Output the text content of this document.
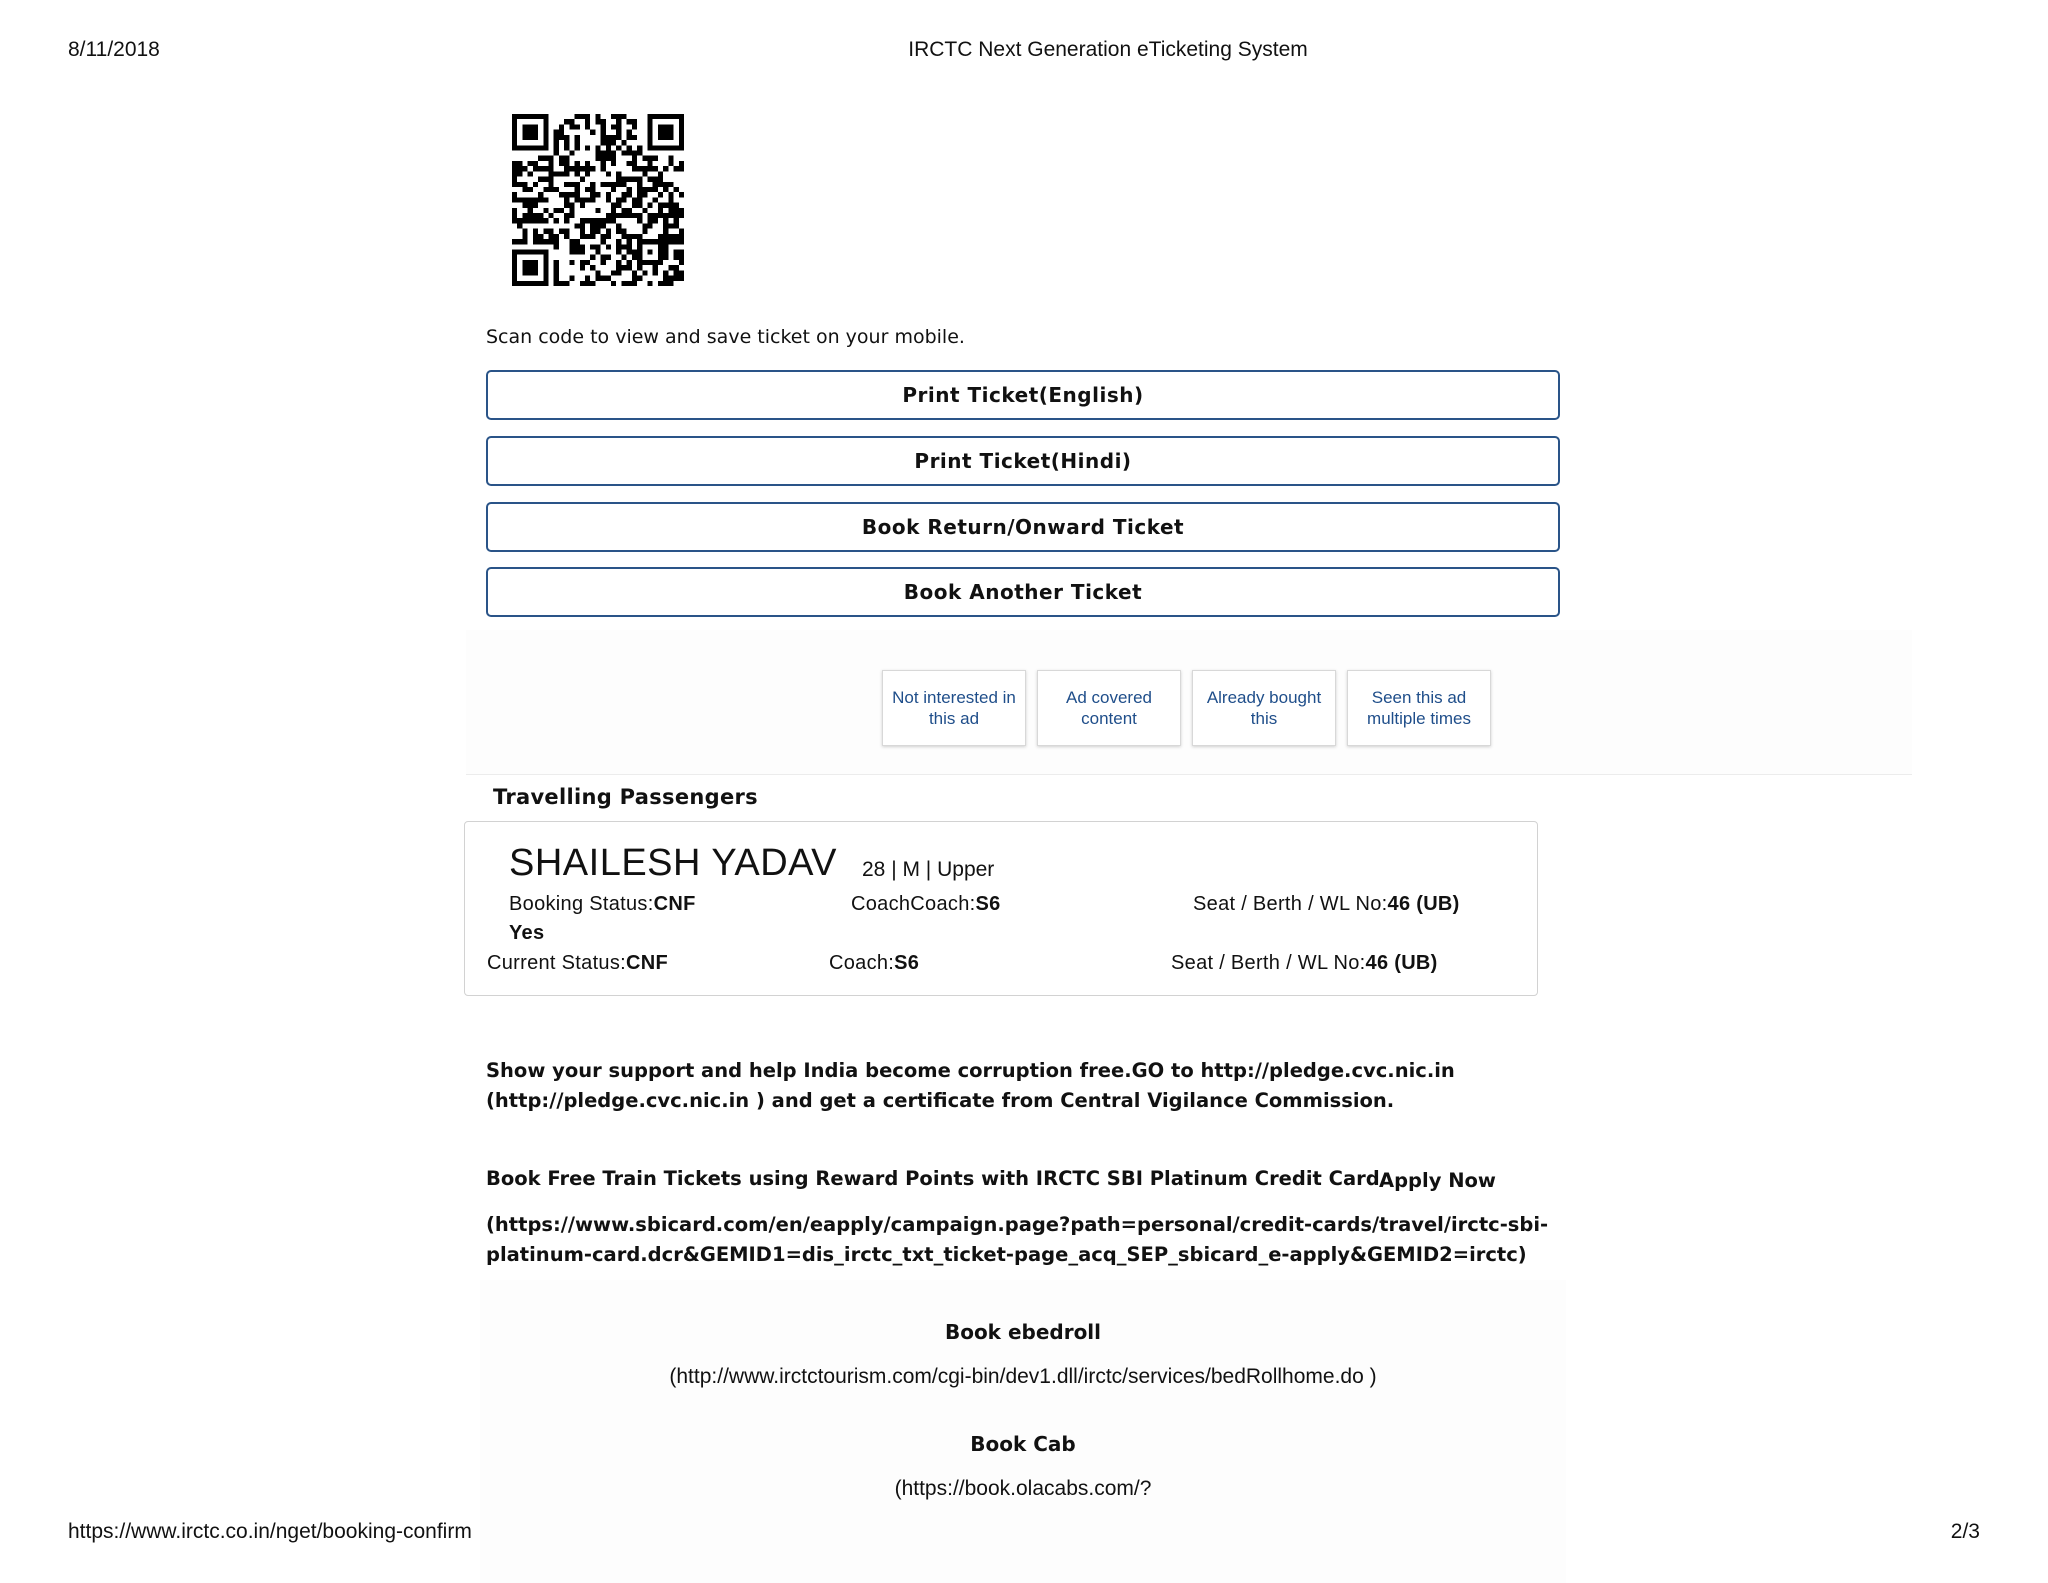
8/11/2018	IRCTC Next Generation eTicketing System
https://www.irctc.co.in/nget/booking-confirm	2/3
Scan code to view and save ticket on your mobile.
Print Ticket(English)
Print Ticket(Hindi)
Book Return/Onward Ticket
Book Another Ticket
Not interested in this ad
Ad covered content
Already bought this
Seen this ad multiple times
Travelling Passengers
SHAILESH YADAV 28 | M | Upper
Booking Status:CNF	CoachCoach:S6	Seat / Berth / WL No:46 (UB)
Yes
Current Status:CNF	Coach:S6	Seat / Berth / WL No:46 (UB)
Show your support and help India become corruption free.GO to http://pledge.cvc.nic.in
(http://pledge.cvc.nic.in ) and get a certificate from Central Vigilance Commission.
Book Free Train Tickets using Reward Points with IRCTC SBI Platinum Credit Card Apply Now
(https://www.sbicard.com/en/eapply/campaign.page?path=personal/credit-cards/travel/irctc-sbi-
platinum-card.dcr&GEMID1=dis_irctc_txt_ticket-page_acq_SEP_sbicard_e-apply&GEMID2=irctc)
Book ebedroll
(http://www.irctctourism.com/cgi-bin/dev1.dll/irctc/services/bedRollhome.do )
Book Cab
(https://book.olacabs.com/?
